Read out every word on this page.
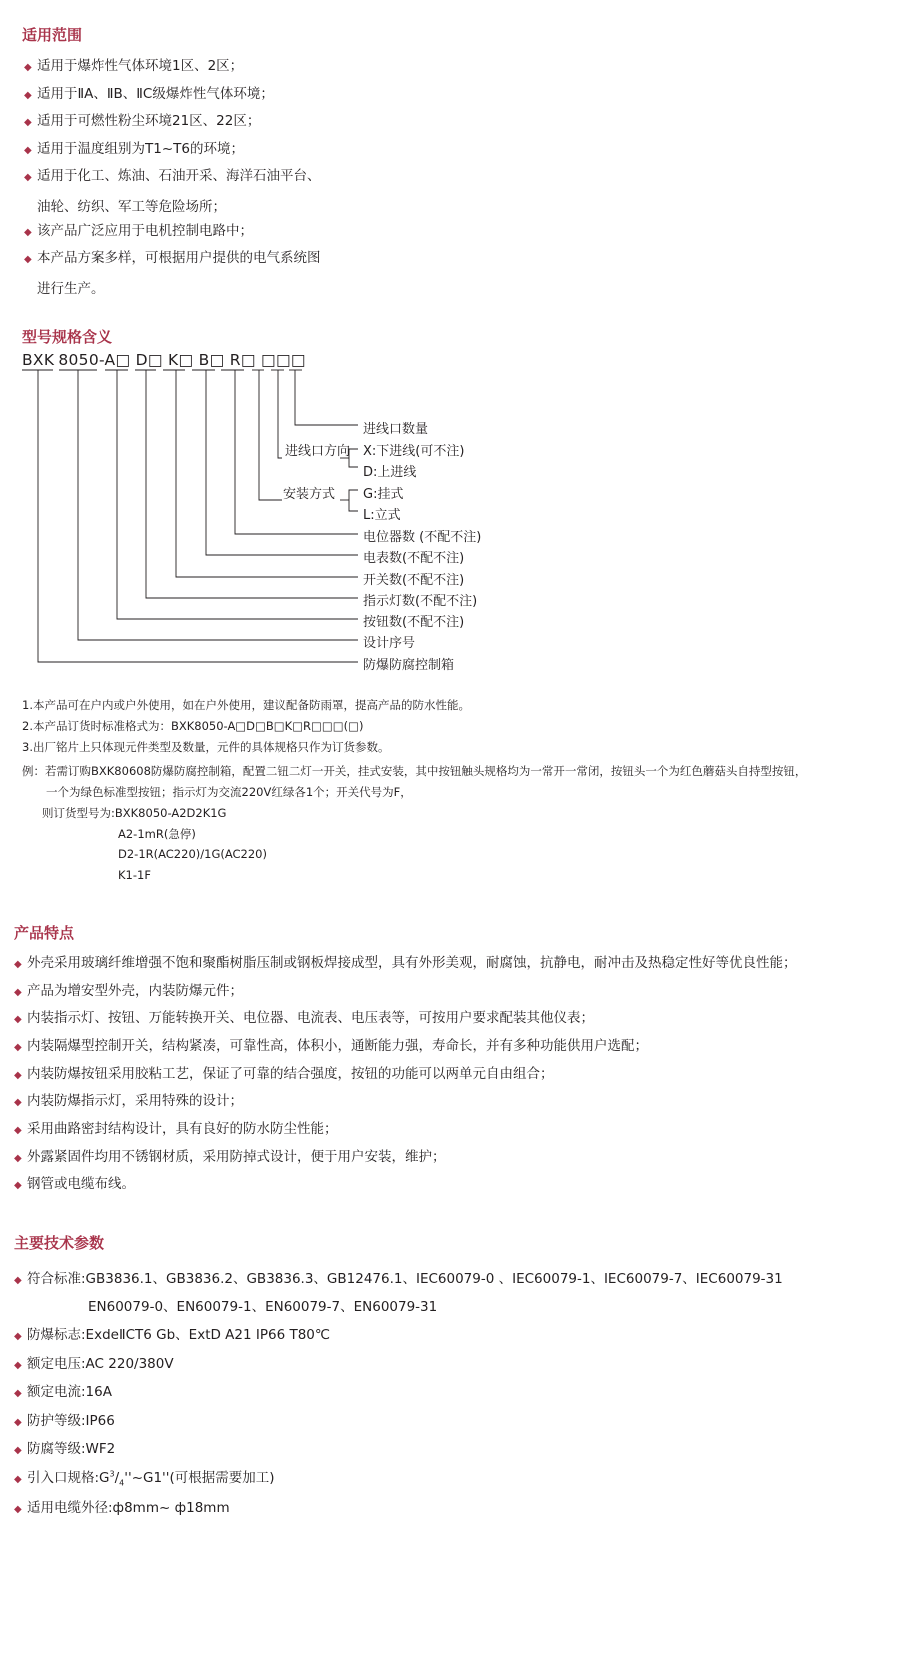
适用范围
◆ 适用于爆炸性气体环境1区、2区；
◆ 适用于ⅡA、ⅡB、ⅡC级爆炸性气体环境；
◆ 适用于可燃性粉尘环境21区、22区；
◆ 适用于温度组别为T1~T6的环境；
◆ 适用于化工、炼油、石油开采、海洋石油平台、
油轮、纺织、军工等危险场所；
◆ 该产品广泛应用于电机控制电路中；
◆ 本产品方案多样，可根据用户提供的电气系统图
进行生产。
型号规格含义
BXK 8050-A□ D□ K□ B□ R□ □□□
进线口数量
进线口方向 X:下进线(可不注)
D:上进线
安装方式 G:挂式
L:立式
电位器数 (不配不注)
电表数(不配不注)
开关数(不配不注)
指示灯数(不配不注)
按钮数(不配不注)
设计序号
防爆防腐控制箱
1.本产品可在户内或户外使用，如在户外使用，建议配备防雨罩，提高产品的防水性能。
2.本产品订货时标准格式为：BXK8050-A□D□B□K□R□□□(□)
3.出厂铭片上只体现元件类型及数量，元件的具体规格只作为订货参数。
例：若需订购BXK80608防爆防腐控制箱，配置二钮二灯一开关，挂式安装，其中按钮触头规格均为一常开一常闭，按钮头一个为红色蘑菇头自持型按钮，
一个为绿色标准型按钮；指示灯为交流220V红绿各1个；开关代号为F，
则订货型号为:BXK8050-A2D2K1G
A2-1mR(急停)
D2-1R(AC220)/1G(AC220)
K1-1F
产品特点
◆ 外壳采用玻璃纤维增强不饱和聚酯树脂压制或钢板焊接成型，具有外形美观，耐腐蚀，抗静电，耐冲击及热稳定性好等优良性能；
◆ 产品为增安型外壳，内装防爆元件；
◆ 内装指示灯、按钮、万能转换开关、电位器、电流表、电压表等，可按用户要求配装其他仪表；
◆ 内装隔爆型控制开关，结构紧凑，可靠性高，体积小，通断能力强，寿命长，并有多种功能供用户选配；
◆ 内装防爆按钮采用胶粘工艺，保证了可靠的结合强度，按钮的功能可以两单元自由组合；
◆ 内装防爆指示灯，采用特殊的设计；
◆ 采用曲路密封结构设计，具有良好的防水防尘性能；
◆ 外露紧固件均用不锈钢材质，采用防掉式设计，便于用户安装，维护；
◆ 钢管或电缆布线。
主要技术参数
◆ 符合标准:GB3836.1、GB3836.2、GB3836.3、GB12476.1、IEC60079-0 、IEC60079-1、IEC60079-7、IEC60079-31
EN60079-0、EN60079-1、EN60079-7、EN60079-31
◆ 防爆标志:ExdeⅡCT6 Gb、ExtD A21 IP66 T80℃
◆ 额定电压:AC 220/380V
◆ 额定电流:16A
◆ 防护等级:IP66
◆ 防腐等级:WF2
◆ 引入口规格$:G^3/_4''\sim G1''$(可根据需要加工)
◆ 适用电缆外径:ф8mm~ ф18mm
